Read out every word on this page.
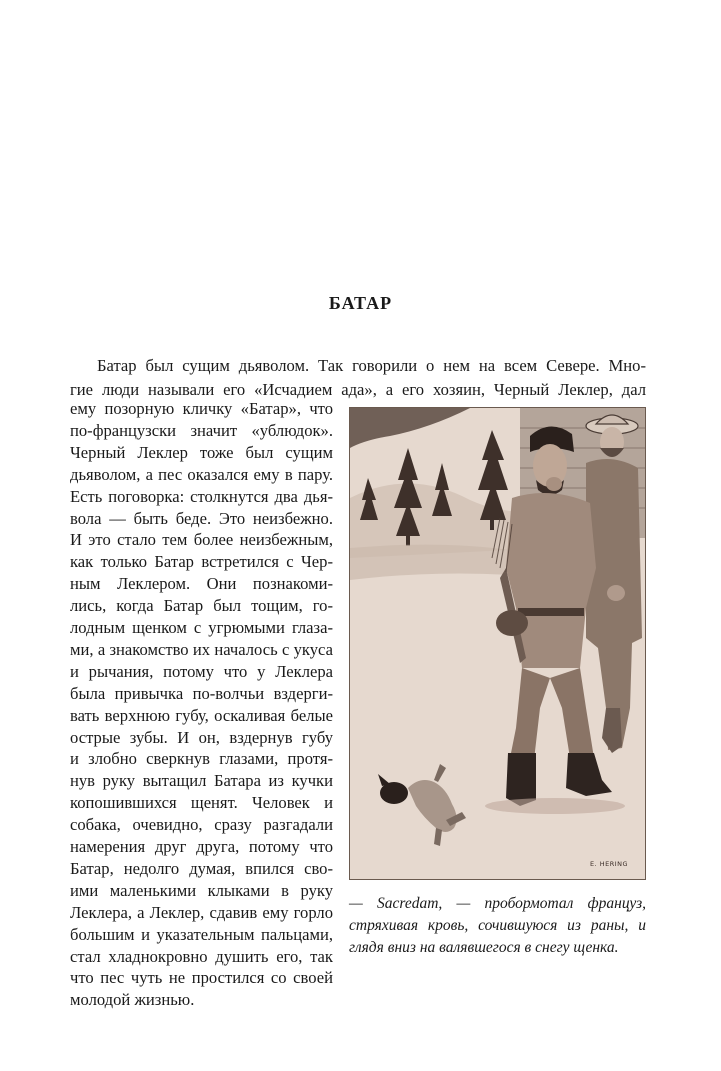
БАТАР
Батар был сущим дьяволом. Так говорили о нем на всем Севере. Мно-
гие люди называли его «Исчадием ада», а его хозяин, Черный Леклер, дал
ему позорную кличку «Батар», что
по-французски значит «ублюдок».
Черный Леклер тоже был сущим
дьяволом, а пес оказался ему в пару.
Есть поговорка: столкнутся два дья-
вола — быть беде. Это неизбежно.
И это стало тем более неизбежным,
как только Батар встретился с Чер-
ным Леклером. Они познакоми-
лись, когда Батар был тощим, го-
лодным щенком с угрюмыми глаза-
ми, а знакомство их началось с укуса
и рычания, потому что у Леклера
была привычка по-волчьи вздерги-
вать верхнюю губу, оскаливая белые
острые зубы. И он, вздернув губу
и злобно сверкнув глазами, протя-
нув руку вытащил Батара из кучки
копошившихся щенят. Человек и
собака, очевидно, сразу разгадали
намерения друг друга, потому что
Батар, недолго думая, впился сво-
ими маленькими клыками в руку
Леклера, а Леклер, сдавив ему горло
большим и указательным пальцами,
стал хладнокровно душить его, так
что пес чуть не простился со своей
молодой жизнью.
E. HERING
— Sacredam, — пробормотал француз,
стряхивая кровь, сочившуюся из раны, и
глядя вниз на валявшегося в снегу щенка.
